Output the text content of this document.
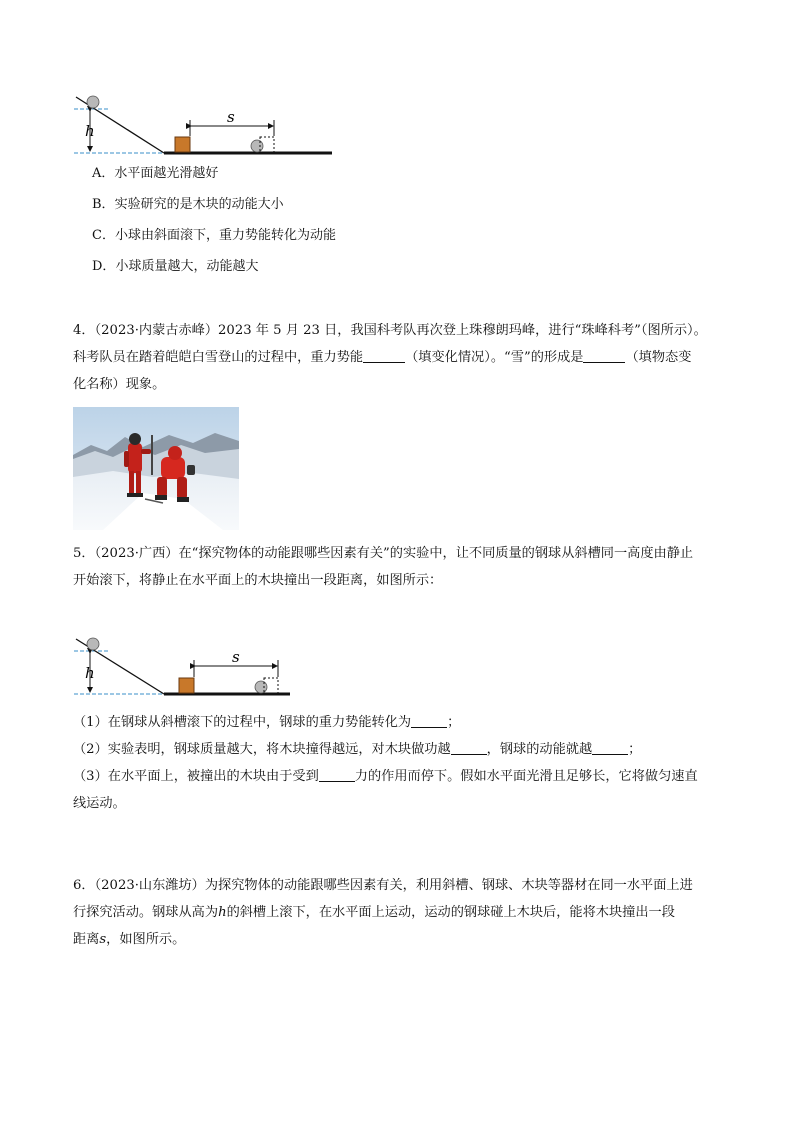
h
s
A．水平面越光滑越好
B．实验研究的是木块的动能大小
C．小球由斜面滚下，重力势能转化为动能
D．小球质量越大，动能越大
4．（2023·内蒙古赤峰）2023 年 5 月 23 日，我国科考队再次登上珠穆朗玛峰，进行“珠峰科考”（图所示）。
科考队员在踏着皑皑白雪登山的过程中，重力势能	（填变化情况）。“雪”的形成是	（填物态变
化名称）现象。
5．（2023·广西）在“探究物体的动能跟哪些因素有关”的实验中，让不同质量的钢球从斜槽同一高度由静止
开始滚下，将静止在水平面上的木块撞出一段距离，如图所示：
h
s
（1）在钢球从斜槽滚下的过程中，钢球的重力势能转化为	；
（2）实验表明，钢球质量越大，将木块撞得越远，对木块做功越	，钢球的动能就越	；
（3）在水平面上，被撞出的木块由于受到	力的作用而停下。假如水平面光滑且足够长，它将做匀速直
线运动。
6．（2023·山东潍坊）为探究物体的动能跟哪些因素有关，利用斜槽、钢球、木块等器材在同一水平面上进
行探究活动。钢球从高为h的斜槽上滚下，在水平面上运动，运动的钢球碰上木块后，能将木块撞出一段
距离s，如图所示。
